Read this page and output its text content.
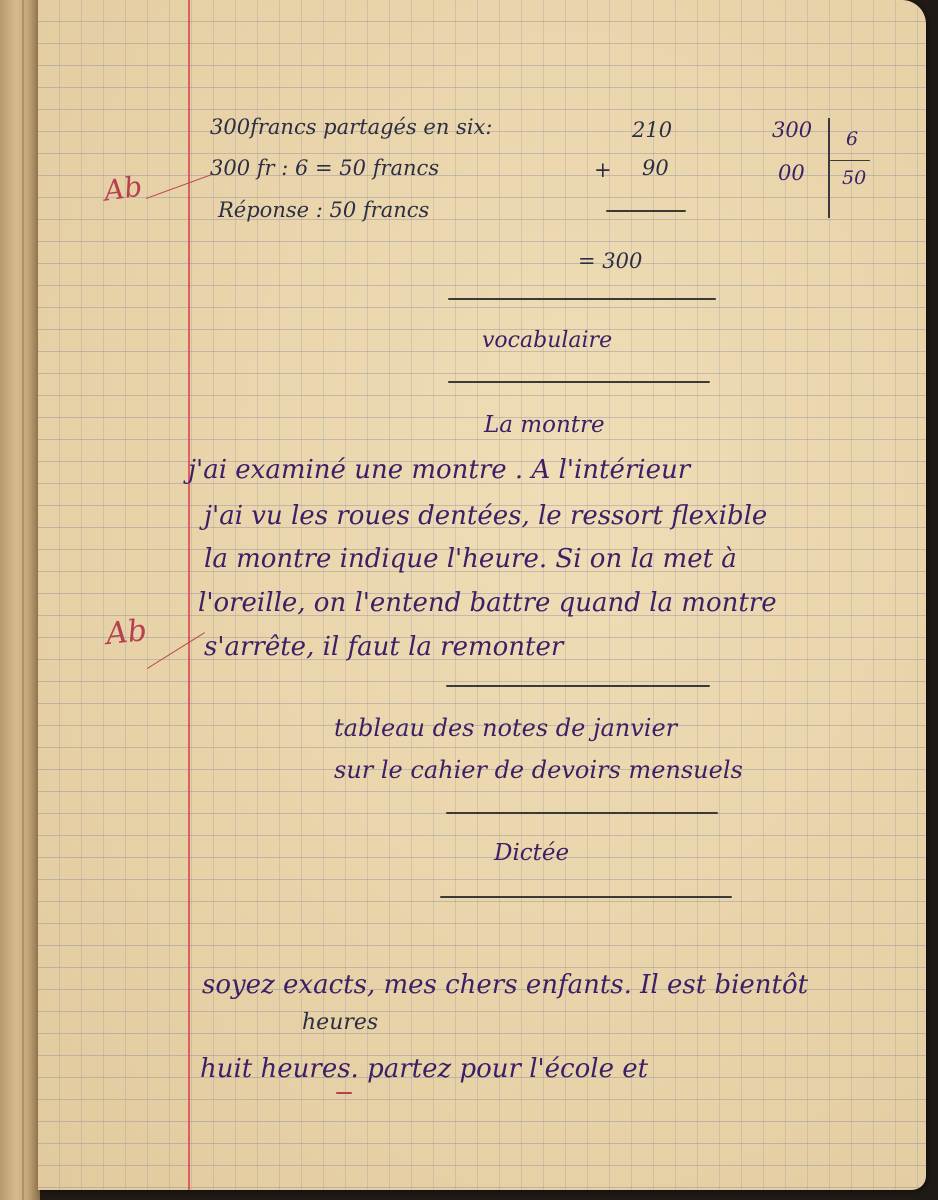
300francs partagés en six:
300 fr : 6 = 50 francs
Réponse : 50 francs
210
+ 90
= 300
300
00
6
50
Ab
vocabulaire
La montre
j'ai examiné une montre . A l'intérieur
j'ai vu les roues dentées, le ressort flexible
la montre indique l'heure. Si on la met à
l'oreille, on l'entend battre quand la montre
s'arrête, il faut la remonter
Ab
tableau des notes de janvier
sur le cahier de devoirs mensuels
Dictée
soyez exacts, mes chers enfants. Il est bientôt
heures
huit heures. partez pour l'école et
